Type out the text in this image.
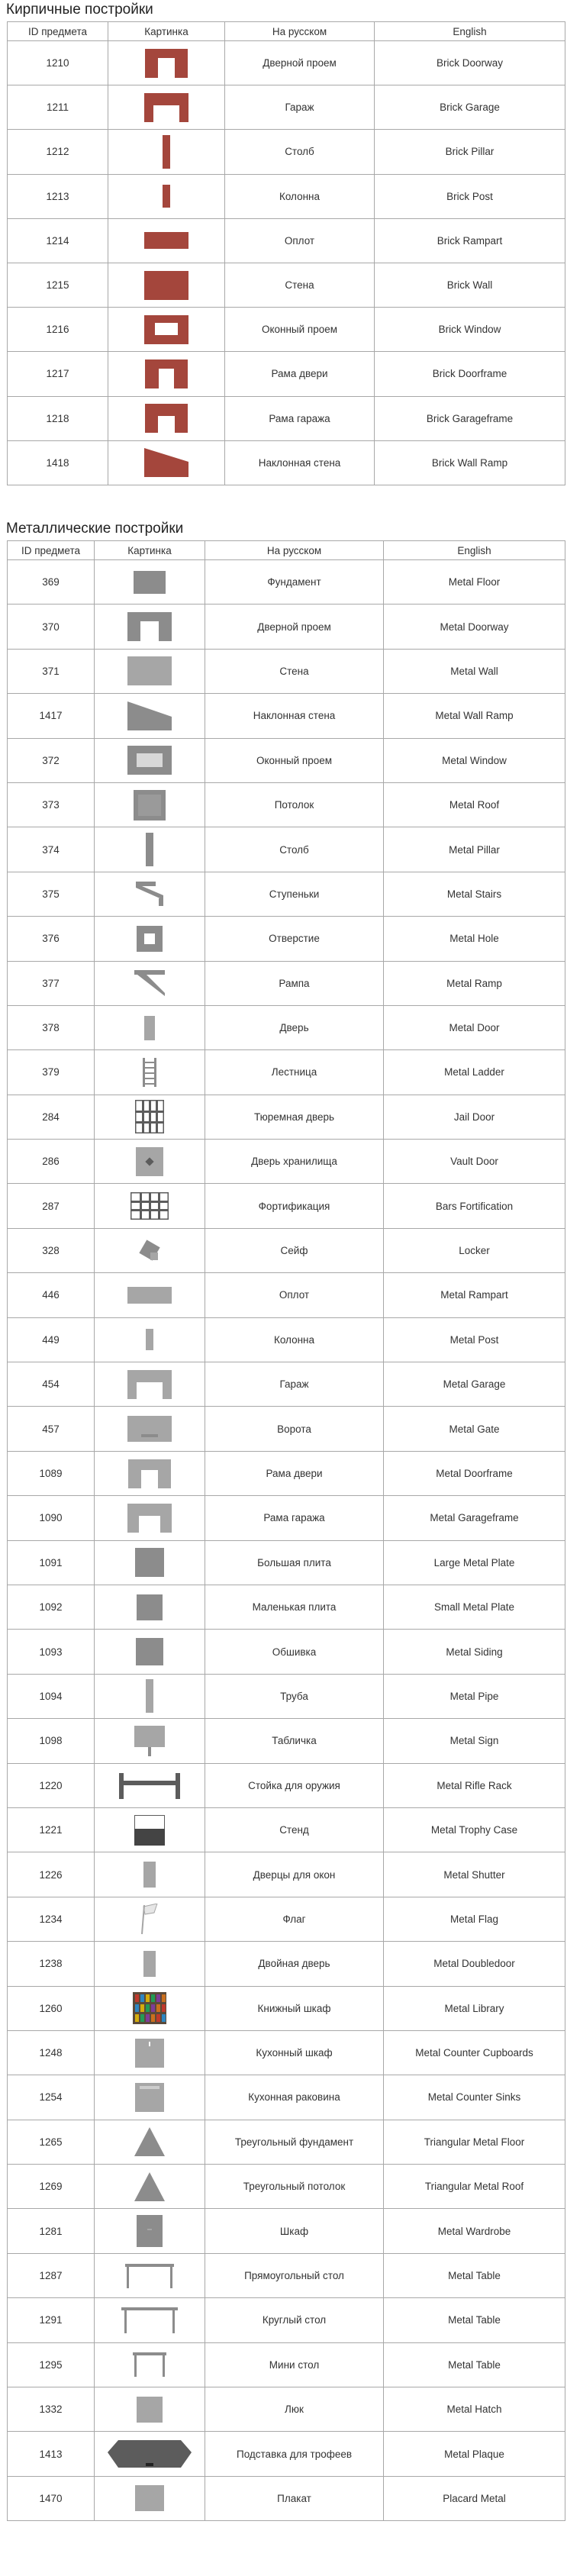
Кирпичные постройки
ID предмета	Картинка	На русском	English
1210		Дверной проем	Brick Doorway
1211		Гараж	Brick Garage
1212		Столб	Brick Pillar
1213		Колонна	Brick Post
1214		Оплот	Brick Rampart
1215		Стена	Brick Wall
1216		Оконный проем	Brick Window
1217		Рама двери	Brick Doorframe
1218		Рама гаража	Brick Garageframe
1418		Наклонная стена	Brick Wall Ramp
Металлические постройки
ID предмета	Картинка	На русском	English
369		Фундамент	Metal Floor
370		Дверной проем	Metal Doorway
371		Стена	Metal Wall
1417		Наклонная стена	Metal Wall Ramp
372		Оконный проем	Metal Window
373		Потолок	Metal Roof
374		Столб	Metal Pillar
375		Ступеньки	Metal Stairs
376		Отверстие	Metal Hole
377		Рампа	Metal Ramp
378		Дверь	Metal Door
379		Лестница	Metal Ladder
284		Тюремная дверь	Jail Door
286		Дверь хранилища	Vault Door
287		Фортификация	Bars Fortification
328		Сейф	Locker
446		Оплот	Metal Rampart
449		Колонна	Metal Post
454		Гараж	Metal Garage
457		Ворота	Metal Gate
1089		Рама двери	Metal Doorframe
1090		Рама гаража	Metal Garageframe
1091		Большая плита	Large Metal Plate
1092		Маленькая плита	Small Metal Plate
1093		Обшивка	Metal Siding
1094		Труба	Metal Pipe
1098		Табличка	Metal Sign
1220		Стойка для оружия	Metal Rifle Rack
1221		Стенд	Metal Trophy Case
1226		Дверцы для окон	Metal Shutter
1234		Флаг	Metal Flag
1238		Двойная дверь	Metal Doubledoor
1260		Книжный шкаф	Metal Library
1248		Кухонный шкаф	Metal Counter Cupboards
1254		Кухонная раковина	Metal Counter Sinks
1265		Треугольный фундамент	Triangular Metal Floor
1269		Треугольный потолок	Triangular Metal Roof
1281		Шкаф	Metal Wardrobe
1287		Прямоугольный стол	Metal Table
1291		Круглый стол	Metal Table
1295		Мини стол	Metal Table
1332		Люк	Metal Hatch
1413		Подставка для трофеев	Metal Plaque
1470		Плакат	Placard Metal
